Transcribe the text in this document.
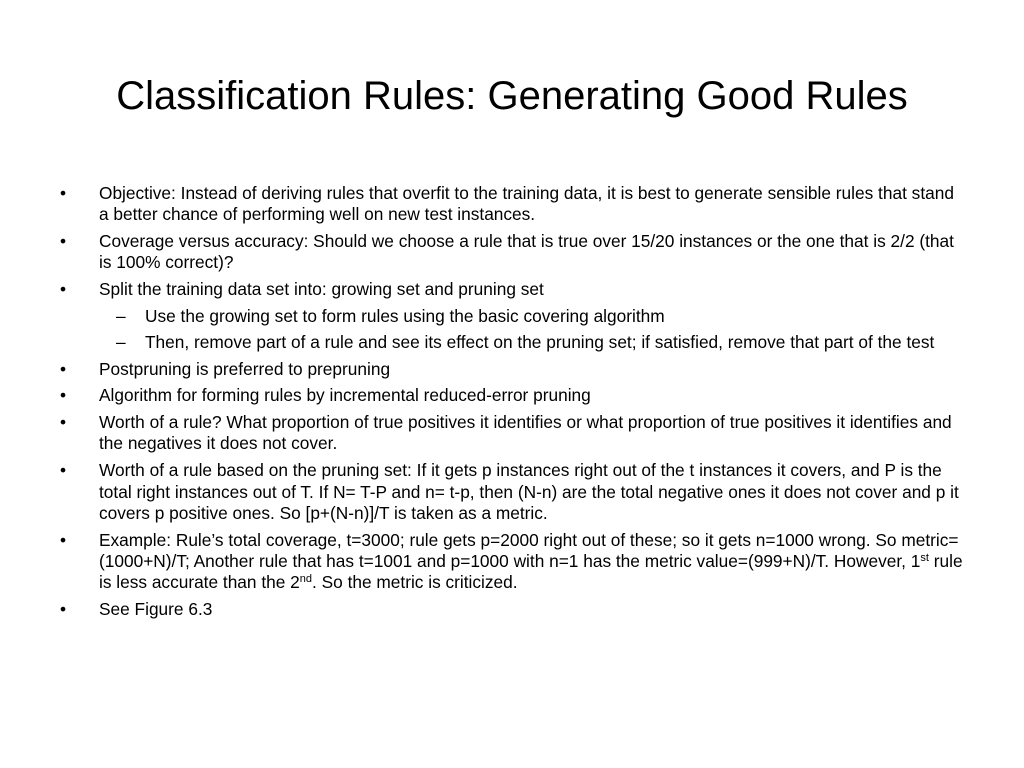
Classification Rules: Generating Good Rules
• Objective: Instead of deriving rules that overfit to the training data, it is best to generate sensible rules that stand a better chance of performing well on new test instances.
• Coverage versus accuracy: Should we choose a rule that is true over 15/20 instances or the one that is 2/2 (that is 100% correct)?
• Split the training data set into: growing set and pruning set
– Use the growing set to form rules using the basic covering algorithm
– Then, remove part of a rule and see its effect on the pruning set; if satisfied, remove that part of the test
• Postpruning is preferred to prepruning
• Algorithm for forming rules by incremental reduced-error pruning
• Worth of a rule? What proportion of true positives it identifies or what proportion of true positives it identifies and the negatives it does not cover.
• Worth of a rule based on the pruning set: If it gets p instances right out of the t instances it covers, and P is the total right instances out of T. If N= T-P and n= t-p, then (N-n) are the total negative ones it does not cover and p it covers p positive ones. So [p+(N-n)]/T is taken as a metric.
• Example: Rule’s total coverage, t=3000; rule gets p=2000 right out of these; so it gets n=1000 wrong. So metric=(1000+N)/T; Another rule that has t=1001 and p=1000 with n=1 has the metric value=(999+N)/T. However, 1st rule is less accurate than the 2nd. So the metric is criticized.
• See Figure 6.3
